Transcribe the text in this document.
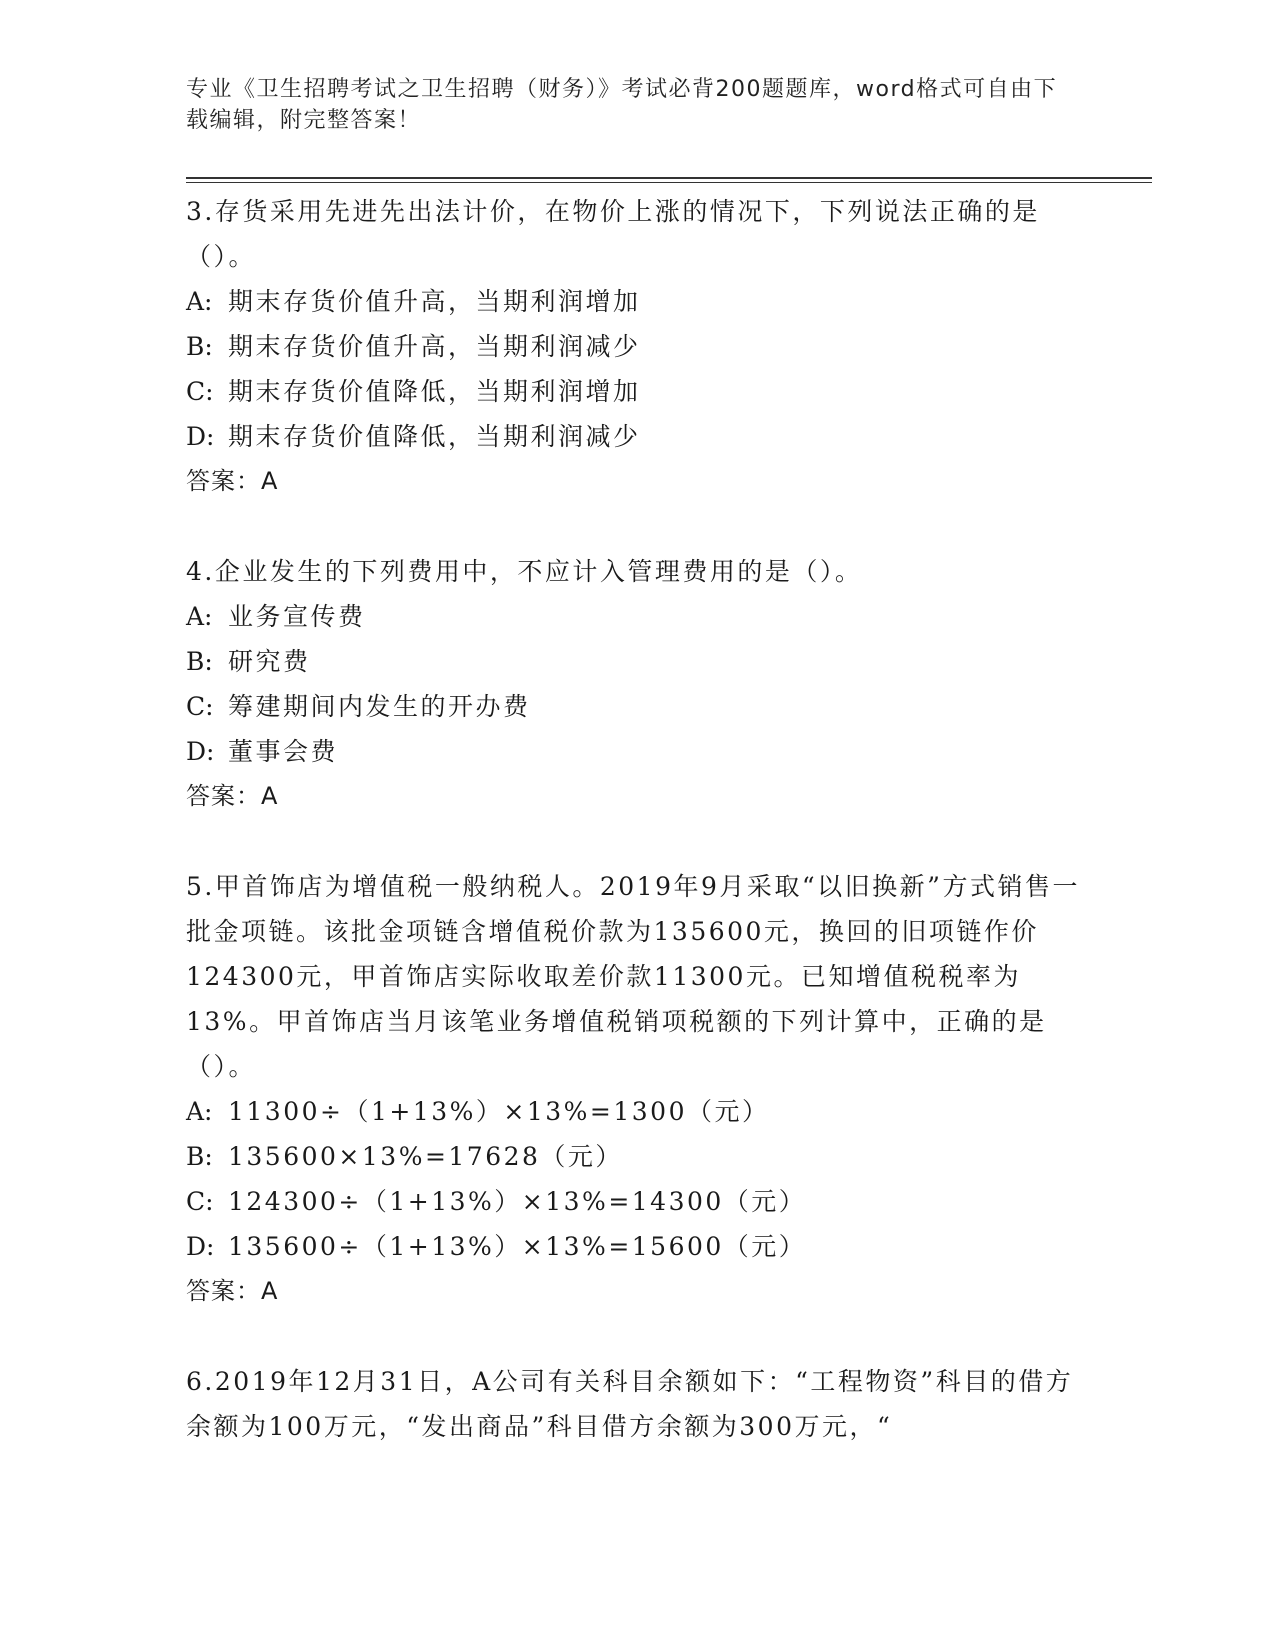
专业《卫生招聘考试之卫生招聘（财务）》考试必背200题题库，word格式可自由下载编辑，附完整答案！

3.存货采用先进先出法计价，在物价上涨的情况下，下列说法正确的是（）。

A: 期末存货价值升高，当期利润增加

B: 期末存货价值升高，当期利润减少

C: 期末存货价值降低，当期利润增加

D: 期末存货价值降低，当期利润减少

答案：A

4.企业发生的下列费用中，不应计入管理费用的是（）。

A: 业务宣传费

B: 研究费

C: 筹建期间内发生的开办费

D: 董事会费

答案：A

5.甲首饰店为增值税一般纳税人。2019年9月采取“以旧换新”方式销售一批金项链。该批金项链含增值税价款为135600元，换回的旧项链作价124300元，甲首饰店实际收取差价款11300元。已知增值税税率为13%。甲首饰店当月该笔业务增值税销项税额的下列计算中，正确的是（）。

A: 11300÷（1+13%）×13%=1300（元）

B: 135600×13%=17628（元）

C: 124300÷（1+13%）×13%=14300（元）

D: 135600÷（1+13%）×13%=15600（元）

答案：A

6.2019年12月31日，A公司有关科目余额如下：“工程物资”科目的借方余额为100万元，“发出商品”科目借方余额为300万元，“
